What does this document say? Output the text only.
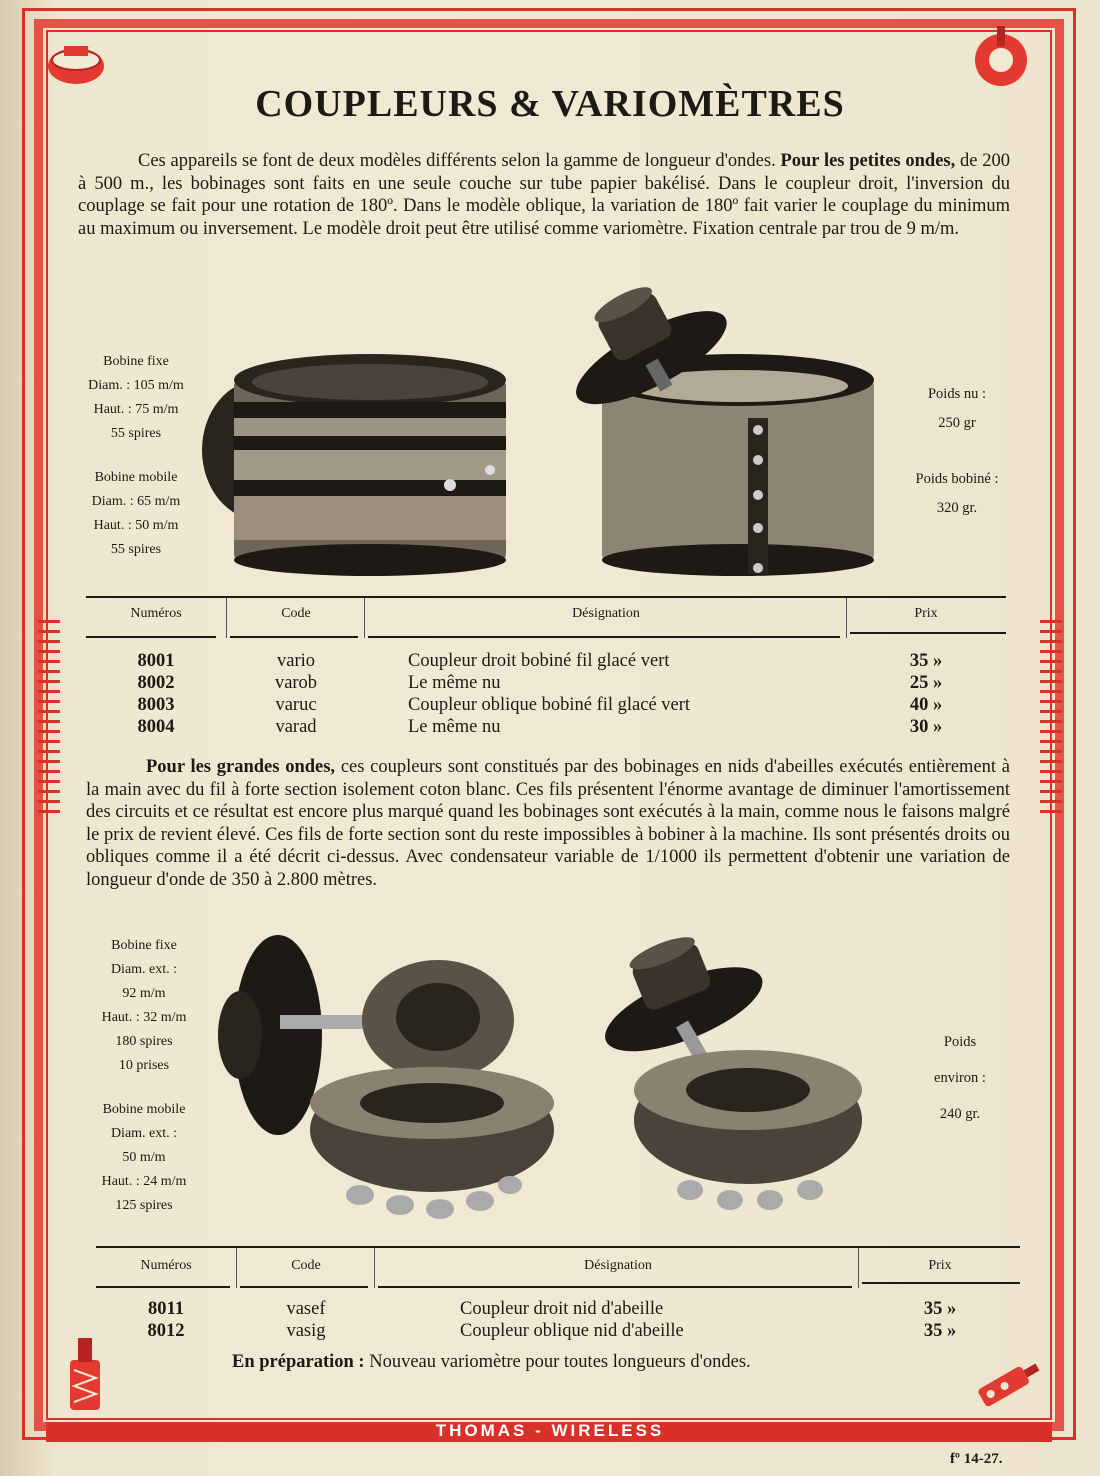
COUPLEURS & VARIOMÈTRES

Ces appareils se font de deux modèles différents selon la gamme de longueur d'ondes. Pour les petites ondes, de 200 à 500 m., les bobinages sont faits en une seule couche sur tube papier bakélisé. Dans le coupleur droit, l'inversion du couplage se fait pour une rotation de 180º. Dans le modèle oblique, la variation de 180º fait varier le couplage du minimum au maximum ou inversement. Le modèle droit peut être utilisé comme variomètre. Fixation centrale par trou de 9 m/m.

Bobine fixe
Diam. : 105 m/m
Haut. : 75 m/m
55 spires
Bobine mobile
Diam. : 65 m/m
Haut. : 50 m/m
55 spires
Poids nu :
250 gr
Poids bobiné :
320 gr.
Numéros	Code	Désignation	Prix
8001	vario	Coupleur droit bobiné fil glacé vert	35 »
8002	varob	Le même nu	25 »
8003	varuc	Coupleur oblique bobiné fil glacé vert	40 »
8004	varad	Le même nu	30 »

Pour les grandes ondes, ces coupleurs sont constitués par des bobinages en nids d'abeilles exécutés entièrement à la main avec du fil à forte section isolement coton blanc. Ces fils présentent l'énorme avantage de diminuer l'amortissement des circuits et ce résultat est encore plus marqué quand les bobinages sont exécutés à la main, comme nous le faisons malgré le prix de revient élevé. Ces fils de forte section sont du reste impossibles à bobiner à la machine. Ils sont présentés droits ou obliques comme il a été décrit ci-dessus. Avec condensateur variable de 1/1000 ils permettent d'obtenir une variation de longueur d'onde de 350 à 2.800 mètres.

Bobine fixe
Diam. ext. :
92 m/m
Haut. : 32 m/m
180 spires
10 prises
Bobine mobile
Diam. ext. :
50 m/m
Haut. : 24 m/m
125 spires
Poids
environ :
240 gr.
Numéros	Code	Désignation	Prix
8011	vasef	Coupleur droit nid d'abeille	35 »
8012	vasig	Coupleur oblique nid d'abeille	35 »
En préparation : Nouveau variomètre pour toutes longueurs d'ondes.
THOMAS - WIRELESS
fº 14-27.
